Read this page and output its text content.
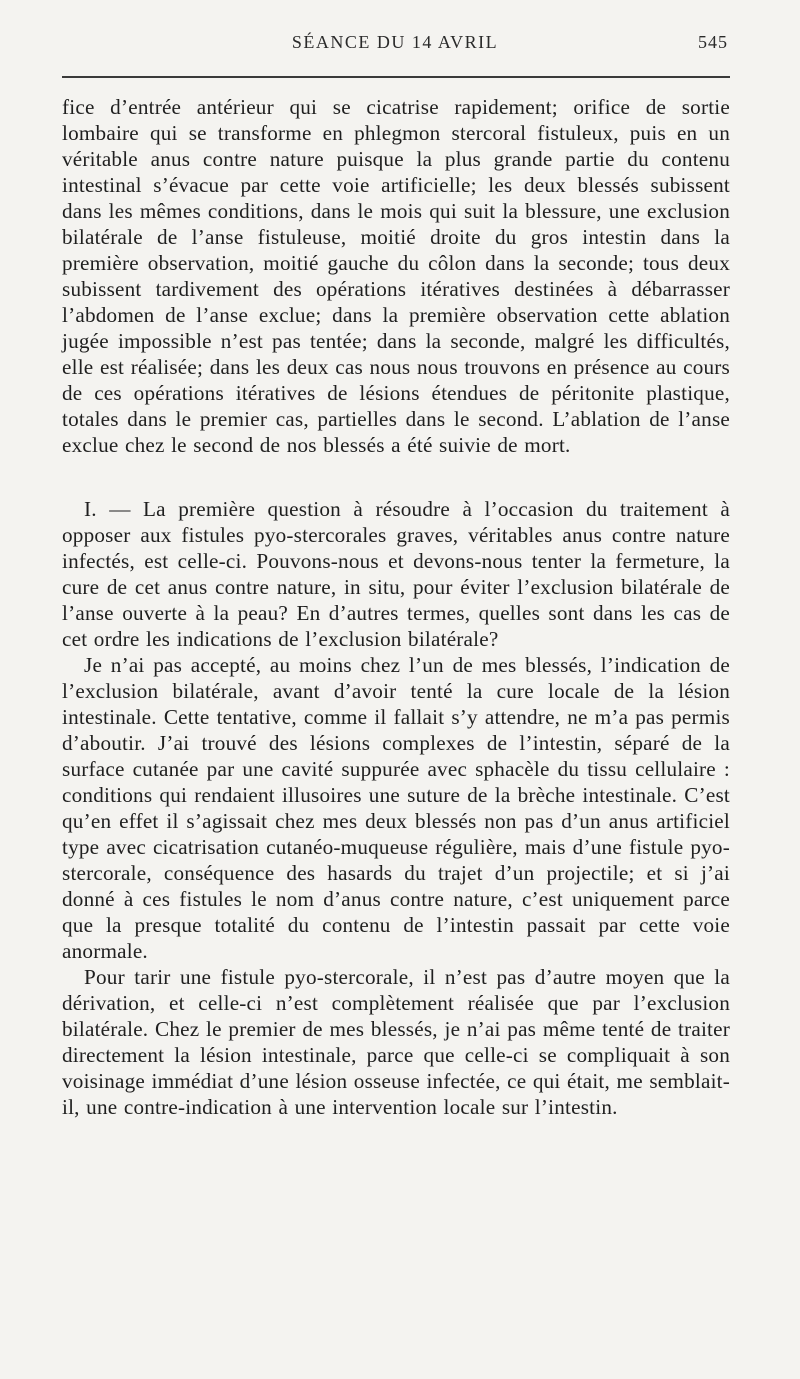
SÉANCE DU 14 AVRIL	545

fice d’entrée antérieur qui se cicatrise rapidement; orifice de sortie lombaire qui se transforme en phlegmon stercoral fistuleux, puis en un véritable anus contre nature puisque la plus grande partie du contenu intestinal s’évacue par cette voie artificielle; les deux blessés subissent dans les mêmes conditions, dans le mois qui suit la blessure, une exclusion bilatérale de l’anse fistuleuse, moitié droite du gros intestin dans la première observation, moitié gauche du côlon dans la seconde; tous deux subissent tardivement des opérations itératives destinées à débarrasser l’abdomen de l’anse exclue; dans la première observation cette ablation jugée impossible n’est pas tentée; dans la seconde, malgré les difficultés, elle est réalisée; dans les deux cas nous nous trouvons en présence au cours de ces opérations itératives de lésions étendues de péritonite plastique, totales dans le premier cas, partielles dans le second. L’ablation de l’anse exclue chez le second de nos blessés a été suivie de mort.

I. — La première question à résoudre à l’occasion du traitement à opposer aux fistules pyo-stercorales graves, véritables anus contre nature infectés, est celle-ci. Pouvons-nous et devons-nous tenter la fermeture, la cure de cet anus contre nature, in situ, pour éviter l’exclusion bilatérale de l’anse ouverte à la peau? En d’autres termes, quelles sont dans les cas de cet ordre les indications de l’exclusion bilatérale?

Je n’ai pas accepté, au moins chez l’un de mes blessés, l’indication de l’exclusion bilatérale, avant d’avoir tenté la cure locale de la lésion intestinale. Cette tentative, comme il fallait s’y attendre, ne m’a pas permis d’aboutir. J’ai trouvé des lésions complexes de l’intestin, séparé de la surface cutanée par une cavité suppurée avec sphacèle du tissu cellulaire : conditions qui rendaient illusoires une suture de la brèche intestinale. C’est qu’en effet il s’agissait chez mes deux blessés non pas d’un anus artificiel type avec cicatrisation cutanéo-muqueuse régulière, mais d’une fistule pyo-stercorale, conséquence des hasards du trajet d’un projectile; et si j’ai donné à ces fistules le nom d’anus contre nature, c’est uniquement parce que la presque totalité du contenu de l’intestin passait par cette voie anormale.

Pour tarir une fistule pyo-stercorale, il n’est pas d’autre moyen que la dérivation, et celle-ci n’est complètement réalisée que par l’exclusion bilatérale. Chez le premier de mes blessés, je n’ai pas même tenté de traiter directement la lésion intestinale, parce que celle-ci se compliquait à son voisinage immédiat d’une lésion osseuse infectée, ce qui était, me semblait-il, une contre-indication à une intervention locale sur l’intestin.
